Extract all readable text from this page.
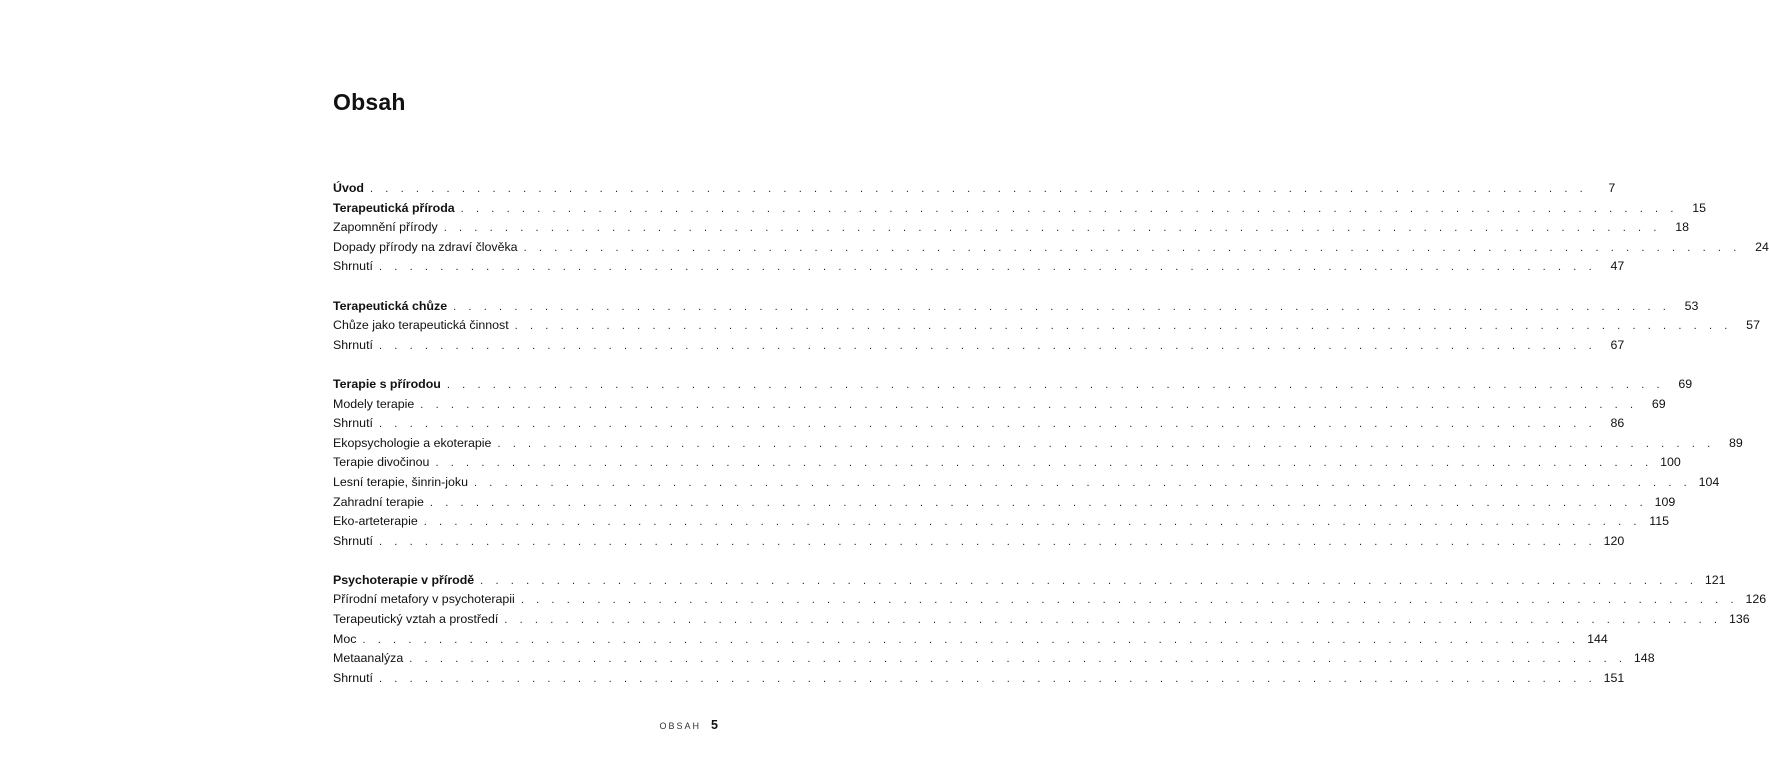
Obsah
Úvod . . . . . . . . . . . . . . . . . . . . . . . . . . . . . . . . . . . . . . . . . . . . . . . . . . . . . . . . . . . . . . . . . . . . . . . . . . . . . . . .	7
Terapeutická příroda . . . . . . . . . . . . . . . . . . . . . . . . . . . . . . . . . . . . . . . . . . . . . . . . . . . . . . . . . . . . . . . . . . . . . . . . . . . . . . . .	15
Zapomnění přírody . . . . . . . . . . . . . . . . . . . . . . . . . . . . . . . . . . . . . . . . . . . . . . . . . . . . . . . . . . . . . . . . . . . . . . . . . . . . . . . .	18
Dopady přírody na zdraví člověka . . . . . . . . . . . . . . . . . . . . . . . . . . . . . . . . . . . . . . . . . . . . . . . . . . . . . . . . . . . . . . . . . . . . . . . . . . . . . . . .	24
Shrnutí . . . . . . . . . . . . . . . . . . . . . . . . . . . . . . . . . . . . . . . . . . . . . . . . . . . . . . . . . . . . . . . . . . . . . . . . . . . . . . . .	47
Terapeutická chůze . . . . . . . . . . . . . . . . . . . . . . . . . . . . . . . . . . . . . . . . . . . . . . . . . . . . . . . . . . . . . . . . . . . . . . . . . . . . . . . .	53
Chůze jako terapeutická činnost . . . . . . . . . . . . . . . . . . . . . . . . . . . . . . . . . . . . . . . . . . . . . . . . . . . . . . . . . . . . . . . . . . . . . . . . . . . . . . . .	57
Shrnutí . . . . . . . . . . . . . . . . . . . . . . . . . . . . . . . . . . . . . . . . . . . . . . . . . . . . . . . . . . . . . . . . . . . . . . . . . . . . . . . .	67
Terapie s přírodou . . . . . . . . . . . . . . . . . . . . . . . . . . . . . . . . . . . . . . . . . . . . . . . . . . . . . . . . . . . . . . . . . . . . . . . . . . . . . . . .	69
Modely terapie . . . . . . . . . . . . . . . . . . . . . . . . . . . . . . . . . . . . . . . . . . . . . . . . . . . . . . . . . . . . . . . . . . . . . . . . . . . . . . . .	69
Shrnutí . . . . . . . . . . . . . . . . . . . . . . . . . . . . . . . . . . . . . . . . . . . . . . . . . . . . . . . . . . . . . . . . . . . . . . . . . . . . . . . .	86
Ekopsychologie a ekoterapie . . . . . . . . . . . . . . . . . . . . . . . . . . . . . . . . . . . . . . . . . . . . . . . . . . . . . . . . . . . . . . . . . . . . . . . . . . . . . . . .	89
Terapie divočinou . . . . . . . . . . . . . . . . . . . . . . . . . . . . . . . . . . . . . . . . . . . . . . . . . . . . . . . . . . . . . . . . . . . . . . . . . . . . . . . . 100
Lesní terapie, šinrin-joku . . . . . . . . . . . . . . . . . . . . . . . . . . . . . . . . . . . . . . . . . . . . . . . . . . . . . . . . . . . . . . . . . . . . . . . . . . . . . . . . 104
Zahradní terapie . . . . . . . . . . . . . . . . . . . . . . . . . . . . . . . . . . . . . . . . . . . . . . . . . . . . . . . . . . . . . . . . . . . . . . . . . . . . . . . . 109
Eko-arteterapie . . . . . . . . . . . . . . . . . . . . . . . . . . . . . . . . . . . . . . . . . . . . . . . . . . . . . . . . . . . . . . . . . . . . . . . . . . . . . . . . 115
Shrnutí . . . . . . . . . . . . . . . . . . . . . . . . . . . . . . . . . . . . . . . . . . . . . . . . . . . . . . . . . . . . . . . . . . . . . . . . . . . . . . . . 120
Psychoterapie v přírodě . . . . . . . . . . . . . . . . . . . . . . . . . . . . . . . . . . . . . . . . . . . . . . . . . . . . . . . . . . . . . . . . . . . . . . . . . . . . . . . . 121
Přírodní metafory v psychoterapii . . . . . . . . . . . . . . . . . . . . . . . . . . . . . . . . . . . . . . . . . . . . . . . . . . . . . . . . . . . . . . . . . . . . . . . . . . . . . . . . 126
Terapeutický vztah a prostředí . . . . . . . . . . . . . . . . . . . . . . . . . . . . . . . . . . . . . . . . . . . . . . . . . . . . . . . . . . . . . . . . . . . . . . . . . . . . . . . . 136
Moc . . . . . . . . . . . . . . . . . . . . . . . . . . . . . . . . . . . . . . . . . . . . . . . . . . . . . . . . . . . . . . . . . . . . . . . . . . . . . . . . 144
Metaanalýza . . . . . . . . . . . . . . . . . . . . . . . . . . . . . . . . . . . . . . . . . . . . . . . . . . . . . . . . . . . . . . . . . . . . . . . . . . . . . . . . 148
Shrnutí . . . . . . . . . . . . . . . . . . . . . . . . . . . . . . . . . . . . . . . . . . . . . . . . . . . . . . . . . . . . . . . . . . . . . . . . . . . . . . . . 151
OBSAH 5
